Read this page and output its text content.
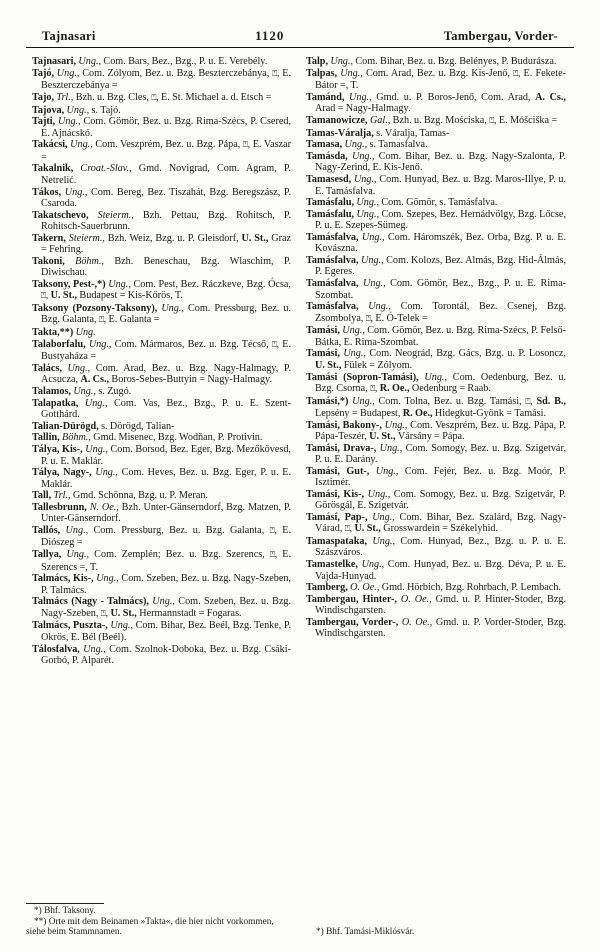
Tajnasari	1120	Tambergau, Vorder-

Tajnasari, Ung., Com. Bars, Bez., Bzg., P. u. E. Verebély.

Tajó, Ung., Com. Zólyom, Bez. u. Bzg. Beszterczebánya, ⍞, E. Beszterczebánya =

Tajo, Trl., Bzh. u. Bzg. Cles, ⍞, E. St. Michael a. d. Etsch =

Tajova, Ung., s. Tajó.

Tajti, Ung., Com. Gömör, Bez. u. Bzg. Rima-Szécs, P. Csered, E. Ajnácskó.

Takácsi, Ung., Com. Veszprém, Bez. u. Bzg. Pápa, ⍞, E. Vaszar =

Takalnik, Croat.-Slav., Gmd. Novigrad, Com. Agram, P. Netrelić.

Tákos, Ung., Com. Bereg, Bez. Tiszahát, Bzg. Beregszász, P. Csaroda.

Takatschevo, Steierm., Bzh. Pettau, Bzg. Rohitsch, P. Rohitsch-Sauerbrunn.

Takern, Steierm., Bzh. Weiz, Bzg. u. P. Gleisdorf, U. St., Graz = Fehring.

Takoni, Böhm., Bzh. Beneschau, Bzg. Wlaschim, P. Diwischau.

Taksony, Pest-,*) Ung., Com. Pest, Bez. Ráczkeve, Bzg. Ócsa, ⍞, U. St., Budapest = Kis-Kőrös, T.

Taksony (Pozsony-Taksony), Ung., Com. Pressburg, Bez. u. Bzg. Galanta, ⍞, E. Galanta =

Takta,**) Ung.

Talaborfalu, Ung., Com. Mármaros, Bez. u. Bzg. Técső, ⍞, E. Bustyaháza =

Talács, Ung., Com. Arad, Bez. u. Bzg. Nagy-Halmagy, P. Acsucza, A. Cs., Boros-Sebes-Buttyin = Nagy-Halmagy.

Talamos, Ung., s. Zugó.

Talapatka, Ung., Com. Vas, Bez., Bzg., P. u. E. Szent-Gotthárd.

Talian-Dürögd, s. Dörögd, Talian-

Tallin, Böhm., Gmd. Misenec, Bzg. Wodňan, P. Protivin.

Tálya, Kis-, Ung., Com. Borsod, Bez. Eger, Bzg. Mezőkövesd, P. u. E. Maklár.

Tálya, Nagy-, Ung., Com. Heves, Bez. u. Bzg. Eger, P. u. E. Maklár.

Tall, Trl., Gmd. Schönna, Bzg. u. P. Meran.

Tallesbrunn, N. Oe., Bzh. Unter-Gänserndorf, Bzg. Matzen, P. Unter-Gänserndorf.

Tallós, Ung., Com. Pressburg, Bez. u. Bzg. Galanta, ⍞, E. Diószeg =

Tallya, Ung., Com. Zemplén; Bez. u. Bzg. Szerencs, ⍞, E. Szerencs =, T.

Talmács, Kis-, Ung., Com. Szeben, Bez. u. Bzg. Nagy-Szeben, P. Talmács.

Talmács (Nagy - Talmács), Ung., Com. Szeben, Bez. u. Bzg. Nagy-Szeben, ⍞, U. St., Hermannstadt = Fogaras.

Talmács, Puszta-, Ung., Com. Bihar, Bez. Beél, Bzg. Tenke, P. Okrös, E. Bél (Beél).

Tálosfalva, Ung., Com. Szolnok-Doboka, Bez. u. Bzg. Csáki-Gorbó, P. Alparét.

Talp, Ung., Com. Bihar, Bez. u. Bzg. Belényes, P. Budurásza.

Talpas, Ung., Com. Arad, Bez. u. Bzg. Kis-Jenő, ⍞, E. Fekete-Bátor =, T.

Tamánd, Ung., Gmd. u. P. Boros-Jenő, Com. Arad, A. Cs., Arad = Nagy-Halmagy.

Tamanowicze, Gal., Bzh. u. Bzg. Mościska, ⍞, E. Móšciška =

Tamas-Váralja, s. Váralja, Tamas-

Tamasa, Ung., s. Tamasfalva.

Tamásda, Ung., Com. Bihar, Bez. u. Bzg. Nagy-Szalonta, P. Nagy-Zerind, E. Kis-Jenő.

Tamasesd, Ung., Com. Hunyad, Bez. u. Bzg. Maros-Illye, P. u. E. Tamásfalva.

Tamásfalu, Ung., Com. Gömör, s. Tamásfalva.

Tamásfalu, Ung., Com. Szepes, Bez. Hernádvölgy, Bzg. Lőcse, P. u. E. Szepes-Sümeg.

Tamásfalva, Ung., Com. Háromszék, Bez. Orba, Bzg. P. u. E. Kovászna.

Tamásfalva, Ung., Com. Kolozs, Bez. Almás, Bzg. Hid-Álmás, P. Egeres.

Tamásfalva, Ung., Com. Gömör, Bez., Bzg., P. u. E. Rima-Szombat.

Tamásfalva, Ung., Com. Torontál, Bez. Csenej, Bzg. Zsombolya, ⍞, E. Ó-Telek =

Tamási, Ung., Com. Gömör, Bez. u. Bzg. Rima-Szécs, P. Felső-Bátka, E. Rima-Szombat.

Tamási, Ung., Com. Neográd, Bzg. Gács, Bzg. u. P. Losoncz, U. St., Fülek = Zólyom.

Tamási (Sopron-Tamási), Ung., Com. Oedenburg, Bez. u. Bzg. Csorna, ⍞, R. Oe., Oedenburg = Raab.

Tamási,*) Ung., Com. Tolna, Bez. u. Bzg. Tamási, ⍞, Sd. B., Lepsény = Budapest, R. Oe., Hidegkut-Gyönk = Tamási.

Tamási, Bakony-, Ung., Com. Veszprém, Bez. u. Bzg. Pápa, P. Pápa-Teszér, U. St., Vársány = Pápa.

Tamási, Drava-, Ung., Com. Somogy, Bez. u. Bzg. Szigetvár, P. u. E. Darány.

Tamási, Gut-, Ung., Com. Fejér, Bez. u. Bzg. Moór, P. Isztimér.

Tamási, Kis-, Ung., Com. Somogy, Bez. u. Bzg. Szigetvár, P. Görösgál, E. Szigetvár.

Tamásí, Pap-, Ung., Com. Bihar, Bez. Szalárd, Bzg. Nagy-Várad, ⍞, U. St., Grosswardein = Székelyhid.

Tamaspataka, Ung., Com. Hunyad, Bez., Bzg. u. P. u. E. Szászváros.

Tamastelke, Ung., Com. Hunyad, Bez. u. Bzg. Déva, P. u. E. Vajda-Hunyad.

Tamberg, O. Oe., Gmd. Hörbich, Bzg. Rohrbach, P. Lembach.

Tambergau, Hinter-, O. Oe., Gmd. u. P. Hinter-Stoder, Bzg. Windischgarsten.

Tambergau, Vorder-, O. Oe., Gmd. u. P. Vorder-Stoder, Bzg. Windischgarsten.

*) Bhf. Taksony.

**) Orte mit dem Beinamen »Takta«, die hier nicht vorkommen, siehe beim Stammnamen.	*) Bhf. Tamási-Miklósvár.
